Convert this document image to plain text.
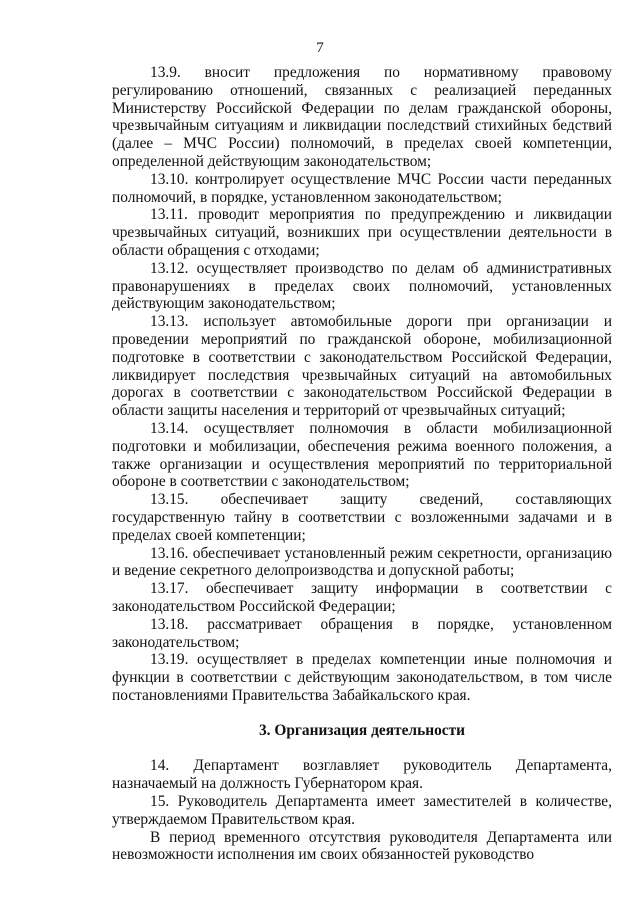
7

13.9. вносит предложения по нормативному правовому регулированию отношений, связанных с реализацией переданных Министерству Российской Федерации по делам гражданской обороны, чрезвычайным ситуациям и ликвидации последствий стихийных бедствий (далее – МЧС России) полномочий, в пределах своей компетенции, определенной действующим законодательством;

13.10. контролирует осуществление МЧС России части переданных полномочий, в порядке, установленном законодательством;

13.11. проводит мероприятия по предупреждению и ликвидации чрезвычайных ситуаций, возникших при осуществлении деятельности в области обращения с отходами;

13.12. осуществляет производство по делам об административных правонарушениях в пределах своих полномочий, установленных действующим законодательством;

13.13. использует автомобильные дороги при организации и проведении мероприятий по гражданской обороне, мобилизационной подготовке в соответствии с законодательством Российской Федерации, ликвидирует последствия чрезвычайных ситуаций на автомобильных дорогах в соответствии с законодательством Российской Федерации в области защиты населения и территорий от чрезвычайных ситуаций;

13.14. осуществляет полномочия в области мобилизационной подготовки и мобилизации, обеспечения режима военного положения, а также организации и осуществления мероприятий по территориальной обороне в соответствии с законодательством;

13.15. обеспечивает защиту сведений, составляющих государственную тайну в соответствии с возложенными задачами и в пределах своей компетенции;

13.16. обеспечивает установленный режим секретности, организацию и ведение секретного делопроизводства и допускной работы;

13.17. обеспечивает защиту информации в соответствии с законодательством Российской Федерации;

13.18. рассматривает обращения в порядке, установленном законодательством;

13.19. осуществляет в пределах компетенции иные полномочия и функции в соответствии с действующим законодательством, в том числе постановлениями Правительства Забайкальского края.

3. Организация деятельности

14. Департамент возглавляет руководитель Департамента, назначаемый на должность Губернатором края.

15. Руководитель Департамента имеет заместителей в количестве, утверждаемом Правительством края.

В период временного отсутствия руководителя Департамента или невозможности исполнения им своих обязанностей руководство
